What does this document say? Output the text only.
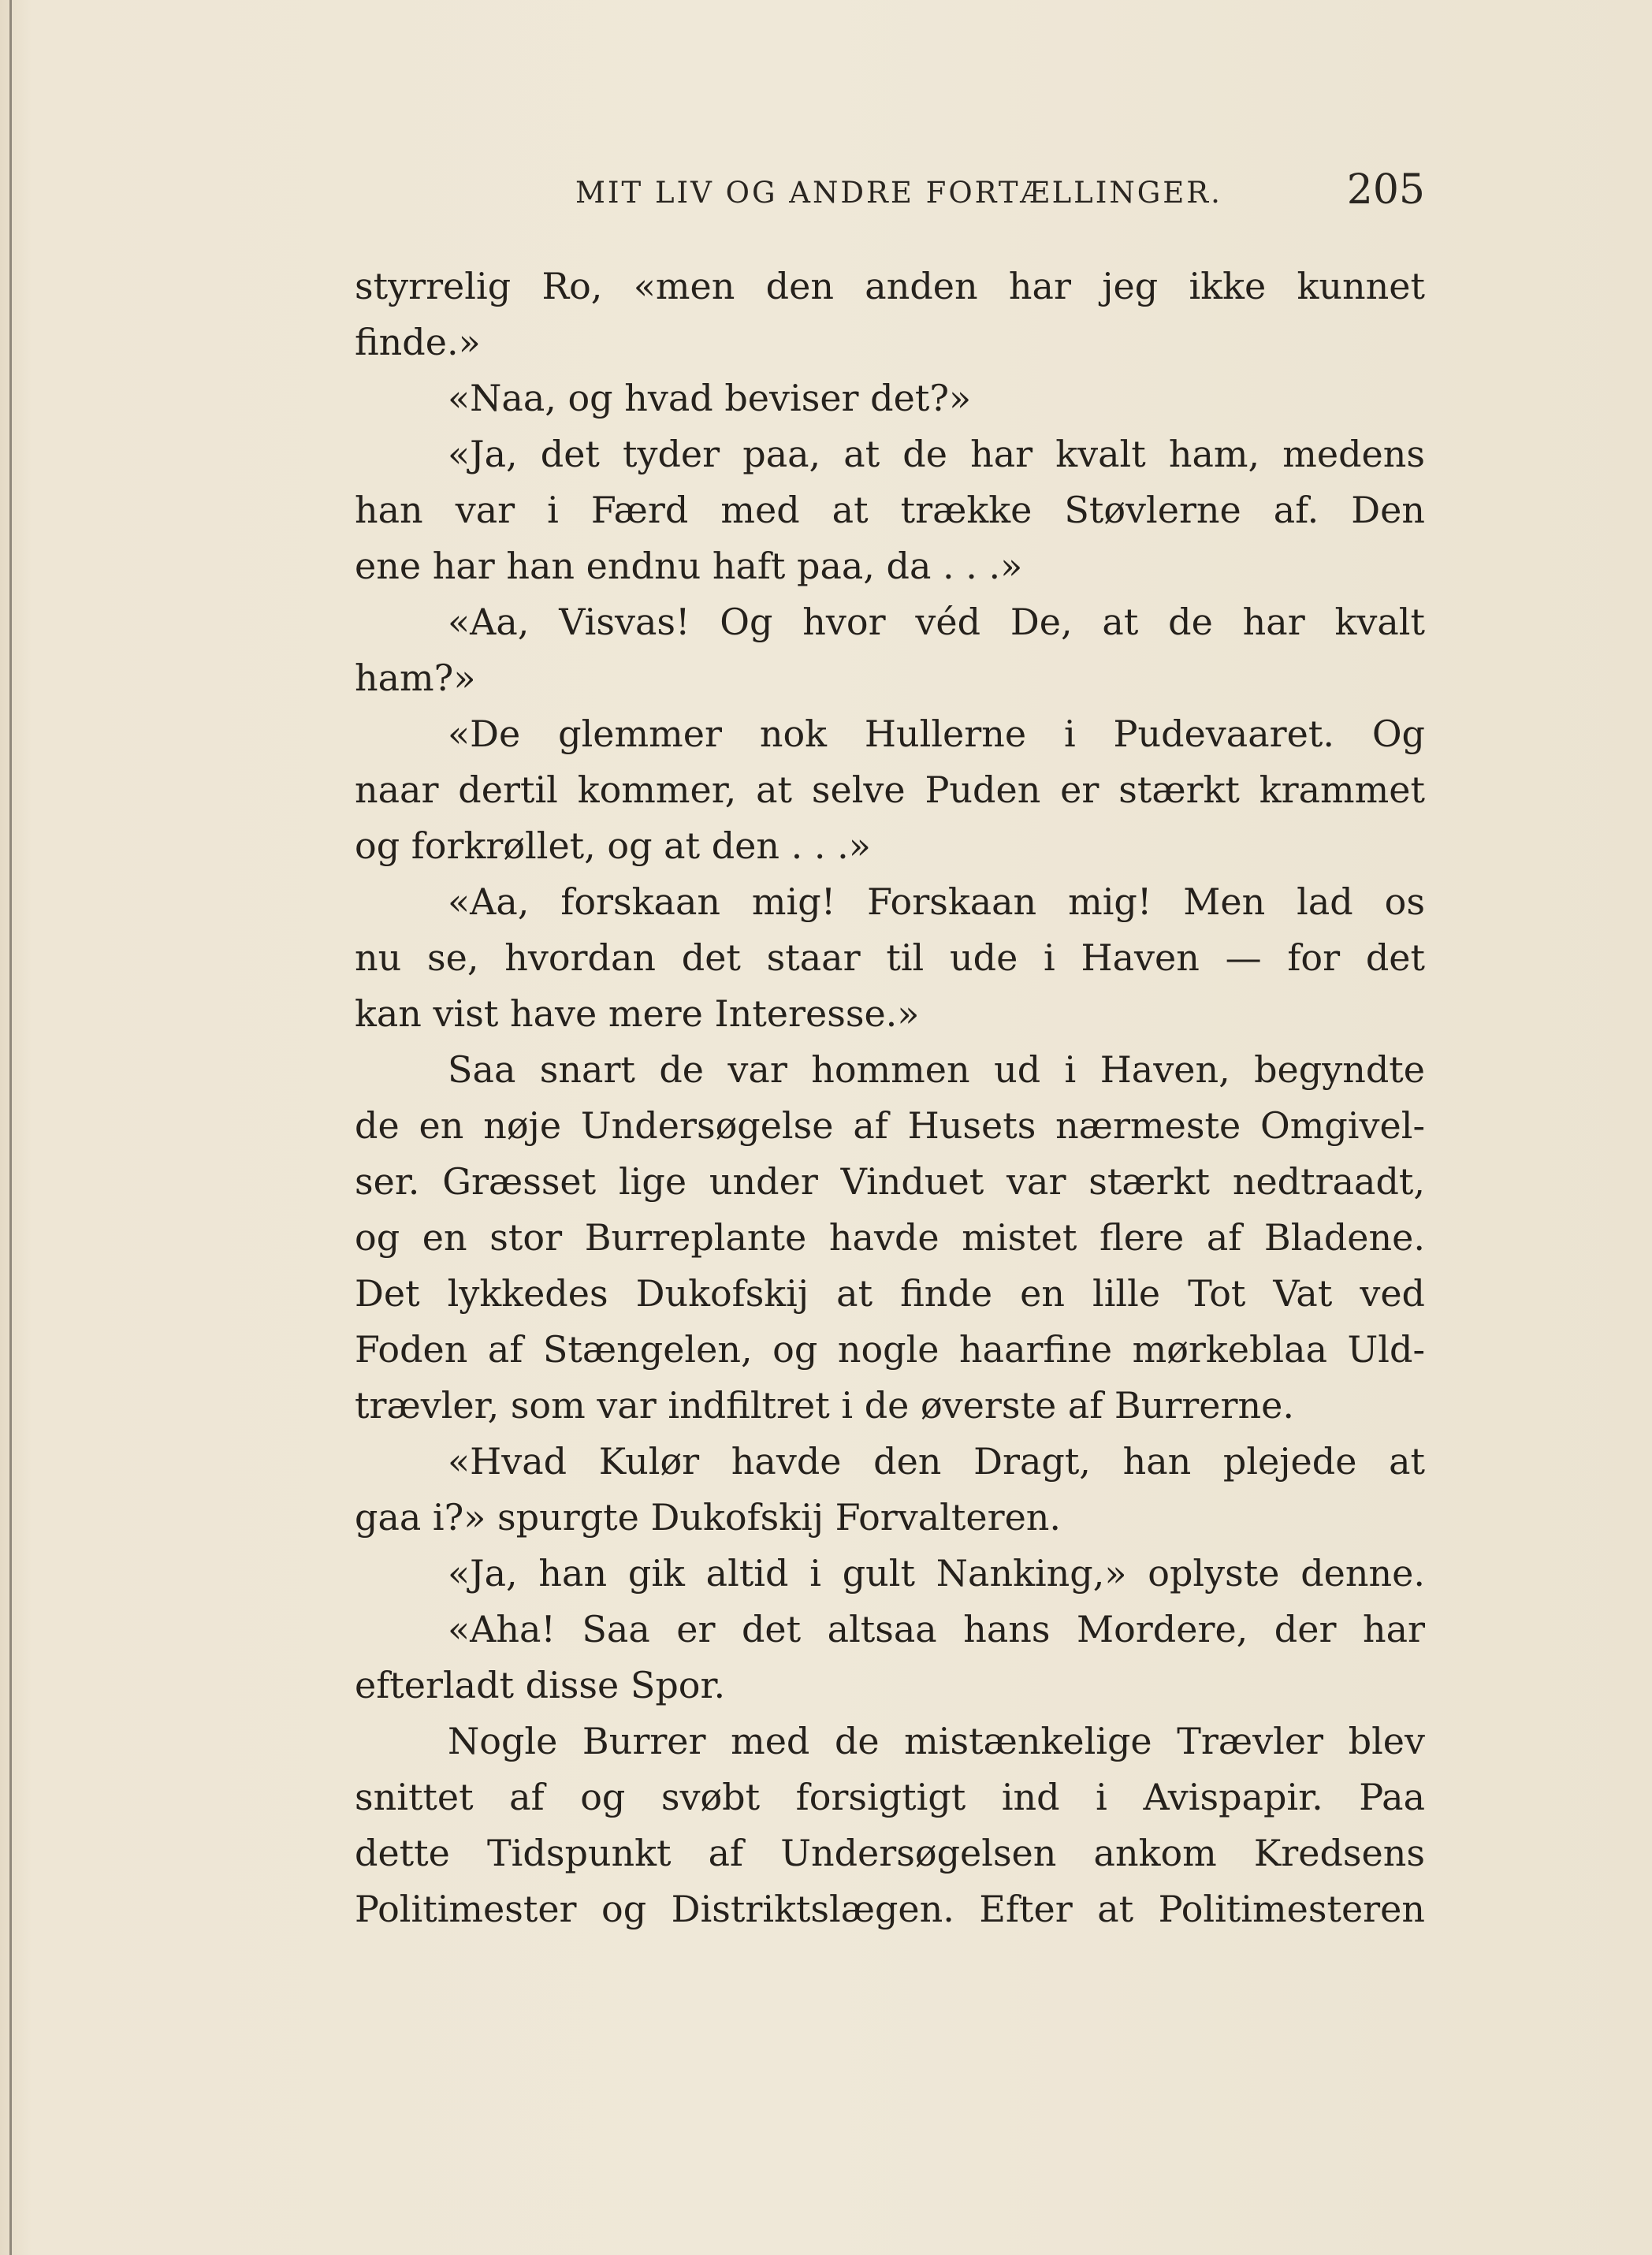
MIT LIV OG ANDRE FORTÆLLINGER.	205
styrrelig Ro, «men den anden har jeg ikke kunnet
finde.»
«Naa, og hvad beviser det?»
«Ja, det tyder paa, at de har kvalt ham, medens
han var i Færd med at trække Støvlerne af. Den
ene har han endnu haft paa, da . . .»
«Aa, Visvas! Og hvor véd De, at de har kvalt
ham?»
«De glemmer nok Hullerne i Pudevaaret. Og
naar dertil kommer, at selve Puden er stærkt krammet
og forkrøllet, og at den . . .»
«Aa, forskaan mig! Forskaan mig! Men lad os
nu se, hvordan det staar til ude i Haven — for det
kan vist have mere Interesse.»
Saa snart de var hommen ud i Haven, begyndte
de en nøje Undersøgelse af Husets nærmeste Omgivel-
ser. Græsset lige under Vinduet var stærkt nedtraadt,
og en stor Burreplante havde mistet flere af Bladene.
Det lykkedes Dukofskij at finde en lille Tot Vat ved
Foden af Stængelen, og nogle haarfine mørkeblaa Uld-
trævler, som var indfiltret i de øverste af Burrerne.
«Hvad Kulør havde den Dragt, han plejede at
gaa i?» spurgte Dukofskij Forvalteren.
«Ja, han gik altid i gult Nanking,» oplyste denne.
«Aha! Saa er det altsaa hans Mordere, der har
efterladt disse Spor.
Nogle Burrer med de mistænkelige Trævler blev
snittet af og svøbt forsigtigt ind i Avispapir. Paa
dette Tidspunkt af Undersøgelsen ankom Kredsens
Politimester og Distriktslægen. Efter at Politimesteren
